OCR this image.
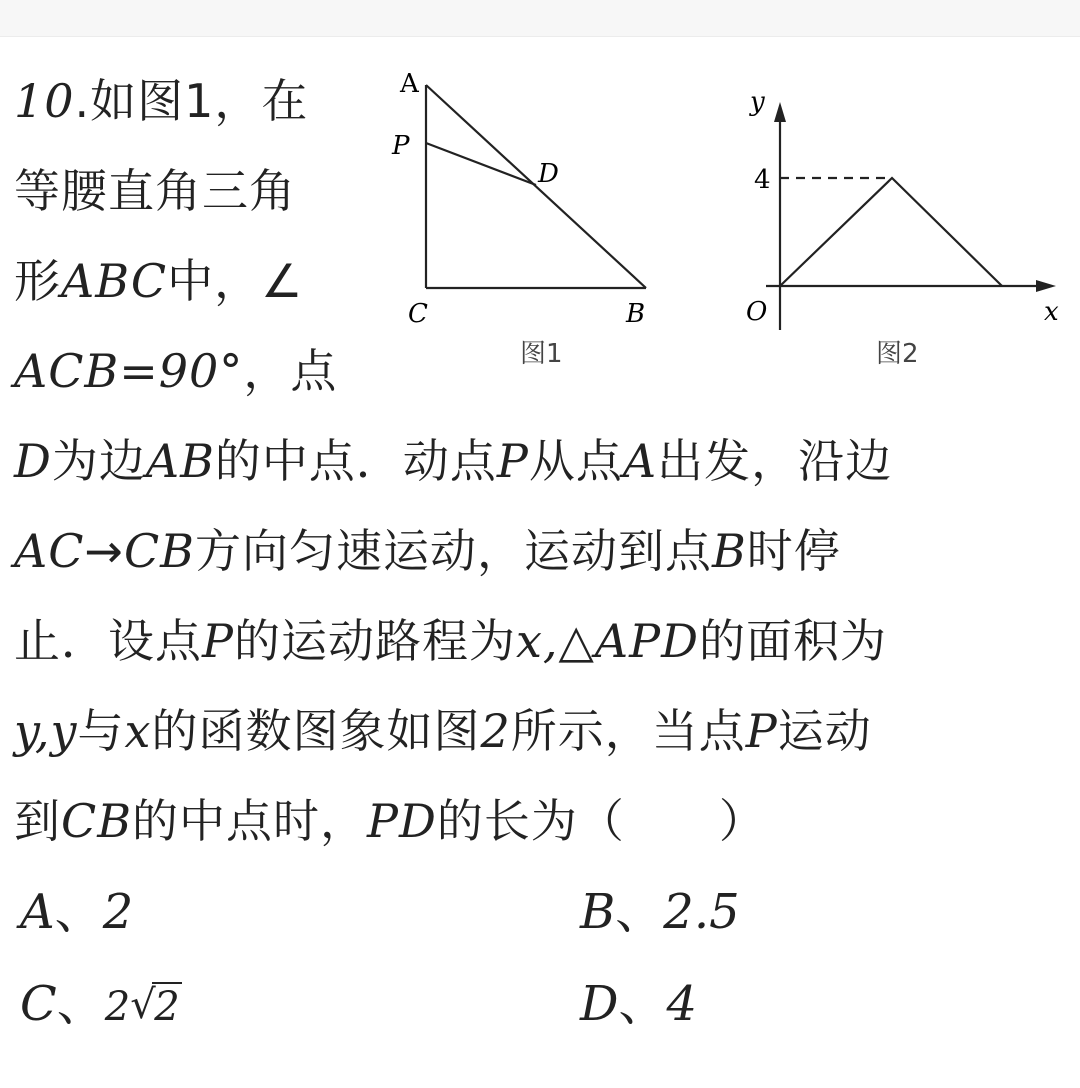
10.如图1，在
等腰直角三角
形ABC中，∠
ACB=90°，点
D为边AB的中点．动点P从点A出发，沿边
AC→CB方向匀速运动，运动到点B时停
止．设点P的运动路程为x,△APD的面积为
y,y与x的函数图象如图2所示，当点P运动
到CB的中点时，PD的长为（　　）
A
P
D
C	B
图1
y
4
O	x
图2
A、2	B、2.5
C、2 √
2	D、4
